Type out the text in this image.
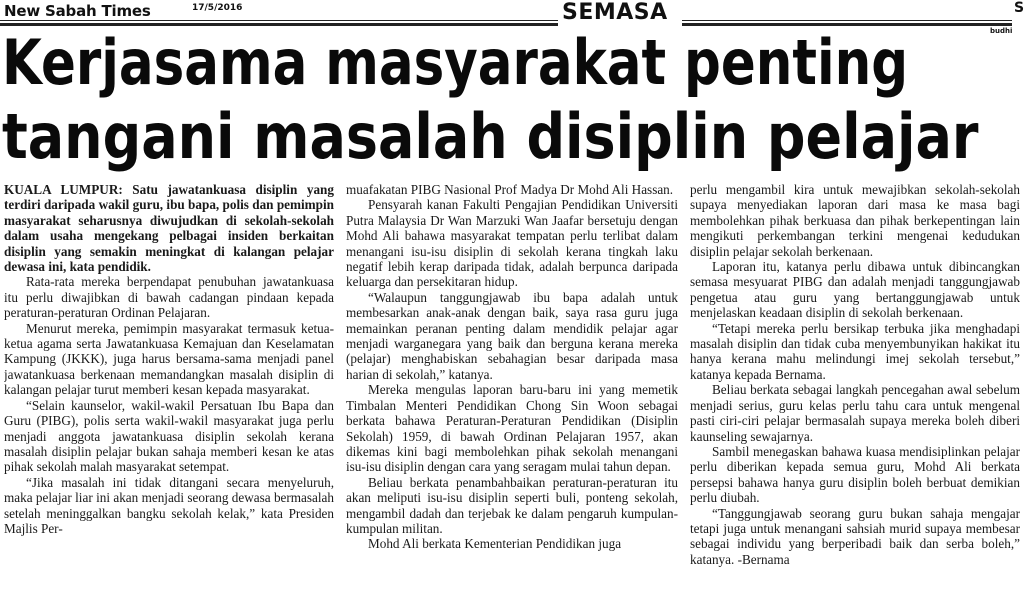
New Sabah Times	17/5/2016	SEMASA	S
budhi
Kerjasama masyarakat penting
tangani masalah disiplin pelajar

KUALA LUMPUR: Satu jawatankuasa disiplin yang terdiri daripada wakil guru, ibu bapa, polis dan pemimpin masyarakat seharusnya diwujudkan di sekolah-sekolah dalam usaha mengekang pelbagai insiden berkaitan disiplin yang semakin meningkat di kalangan pelajar dewasa ini, kata pendidik.

Rata-rata mereka berpendapat penubuhan jawatankuasa itu perlu diwajibkan di bawah cadangan pindaan kepada peraturan-peraturan Ordinan Pelajaran.

Menurut mereka, pemimpin masyarakat termasuk ketua-ketua agama serta Jawatankuasa Kemajuan dan Keselamatan Kampung (JKKK), juga harus bersama-sama menjadi panel jawatankuasa berkenaan memandangkan masalah disiplin di kalangan pelajar turut memberi kesan kepada masyarakat.

“Selain kaunselor, wakil-wakil Persatuan Ibu Bapa dan Guru (PIBG), polis serta wakil-wakil masyarakat juga perlu menjadi anggota jawatankuasa disiplin sekolah kerana masalah disiplin pelajar bukan sahaja memberi kesan ke atas pihak sekolah malah masyarakat setempat.

“Jika masalah ini tidak ditangani secara menyeluruh, maka pelajar liar ini akan menjadi seorang dewasa bermasalah setelah meninggalkan bangku sekolah kelak,” kata Presiden Majlis Per-

muafakatan PIBG Nasional Prof Madya Dr Mohd Ali Hassan.

Pensyarah kanan Fakulti Pengajian Pendidikan Universiti Putra Malaysia Dr Wan Marzuki Wan Jaafar bersetuju dengan Mohd Ali bahawa masyarakat tempatan perlu terlibat dalam menangani isu-isu disiplin di sekolah kerana tingkah laku negatif lebih kerap daripada tidak, adalah berpunca daripada keluarga dan persekitaran hidup.

“Walaupun tanggungjawab ibu bapa adalah untuk membesarkan anak-anak dengan baik, saya rasa guru juga memainkan peranan penting dalam mendidik pelajar agar menjadi warganegara yang baik dan berguna kerana mereka (pelajar) menghabiskan sebahagian besar daripada masa harian di sekolah,” katanya.

Mereka mengulas laporan baru-baru ini yang memetik Timbalan Menteri Pendidikan Chong Sin Woon sebagai berkata bahawa Peraturan-Peraturan Pendidikan (Disiplin Sekolah) 1959, di bawah Ordinan Pelajaran 1957, akan dikemas kini bagi membolehkan pihak sekolah menangani isu-isu disiplin dengan cara yang seragam mulai tahun depan.

Beliau berkata penambahbaikan peraturan-peraturan itu akan meliputi isu-isu disiplin seperti buli, ponteng sekolah, mengambil dadah dan terjebak ke dalam pengaruh kumpulan-kumpulan militan.

Mohd Ali berkata Kementerian Pendidikan juga

perlu mengambil kira untuk mewajibkan sekolah-sekolah supaya menyediakan laporan dari masa ke masa bagi membolehkan pihak berkuasa dan pihak berkepentingan lain mengikuti perkembangan terkini mengenai kedudukan disiplin pelajar sekolah berkenaan.

Laporan itu, katanya perlu dibawa untuk dibincangkan semasa mesyuarat PIBG dan adalah menjadi tanggungjawab pengetua atau guru yang bertanggungjawab untuk menjelaskan keadaan disiplin di sekolah berkenaan.

“Tetapi mereka perlu bersikap terbuka jika menghadapi masalah disiplin dan tidak cuba menyembunyikan hakikat itu hanya kerana mahu melindungi imej sekolah tersebut,” katanya kepada Bernama.

Beliau berkata sebagai langkah pencegahan awal sebelum menjadi serius, guru kelas perlu tahu cara untuk mengenal pasti ciri-ciri pelajar bermasalah supaya mereka boleh diberi kaunseling sewajarnya.

Sambil menegaskan bahawa kuasa mendisiplinkan pelajar perlu diberikan kepada semua guru, Mohd Ali berkata persepsi bahawa hanya guru disiplin boleh berbuat demikian perlu diubah.

“Tanggungjawab seorang guru bukan sahaja mengajar tetapi juga untuk menangani sahsiah murid supaya membesar sebagai individu yang berperibadi baik dan serba boleh,” katanya. -Bernama
